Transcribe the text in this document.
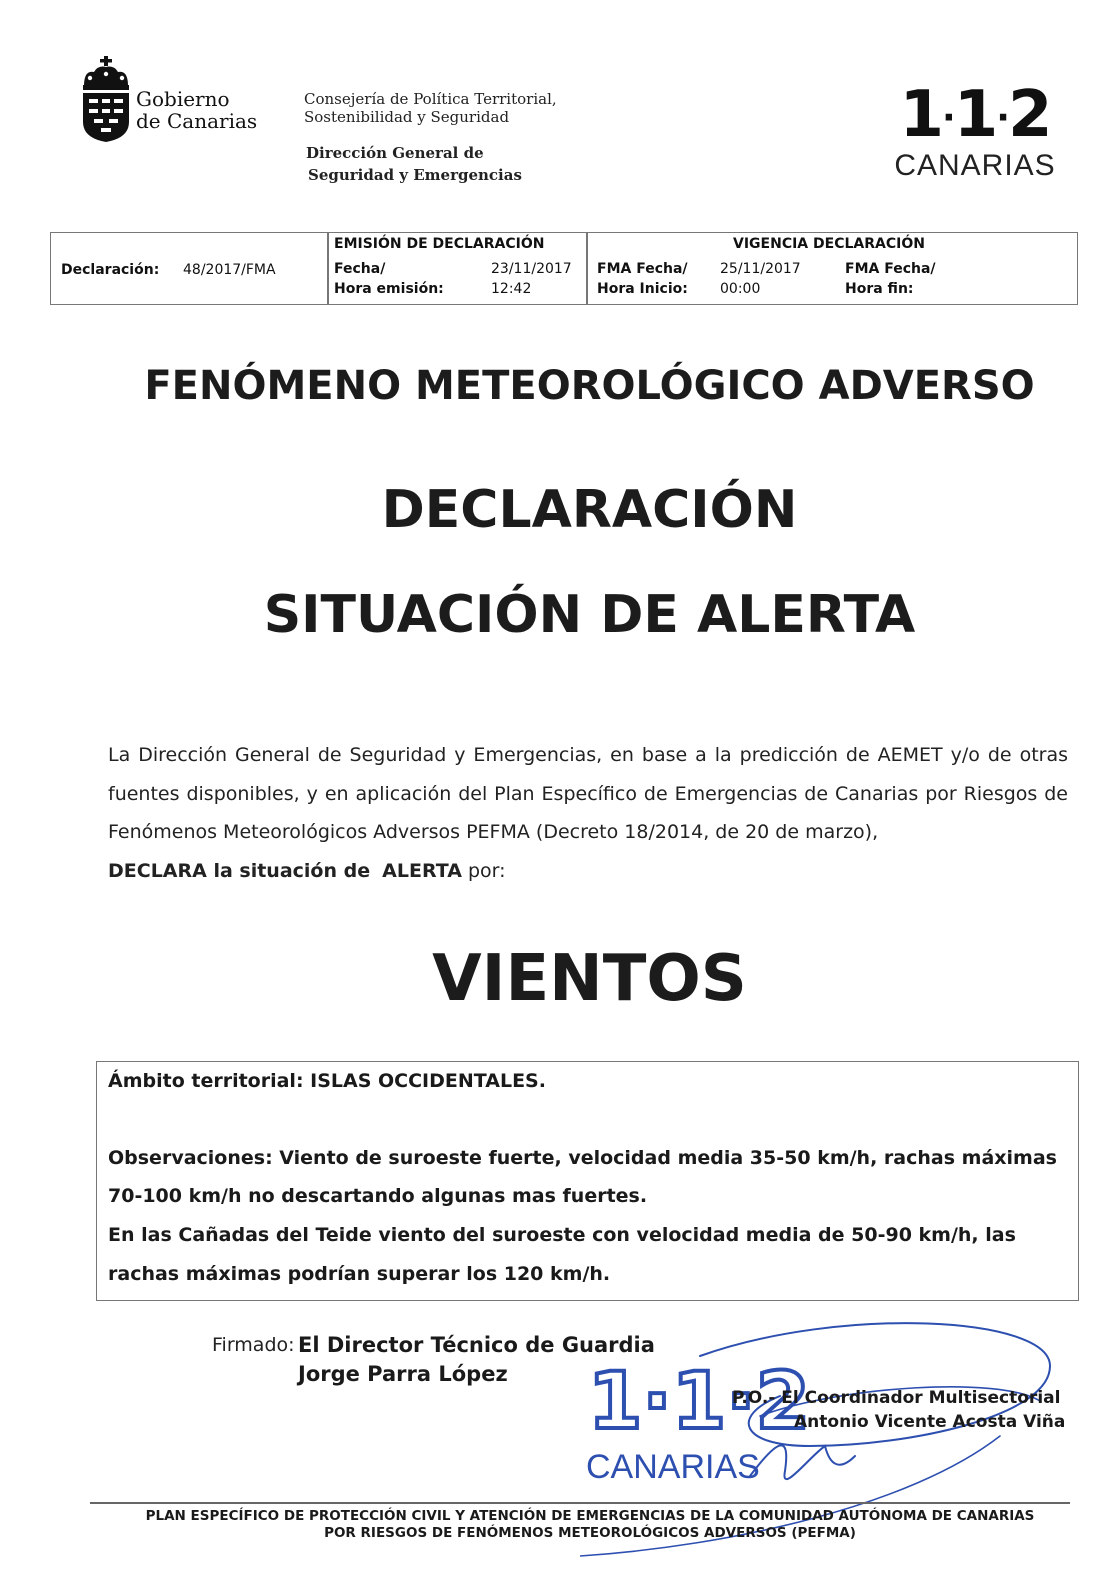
Gobierno
de Canarias
Consejería de Política Territorial,
Sostenibilidad y Seguridad
Dirección General de
Seguridad y Emergencias
1·1·2
CANARIAS
Declaración: 48/2017/FMA
EMISIÓN DE DECLARACIÓN
Fecha/
Hora emisión:
23/11/2017
12:42
VIGENCIA DECLARACIÓN
FMA Fecha/
Hora Inicio:
25/11/2017
00:00
FMA Fecha/
Hora fin:
FENÓMENO METEOROLÓGICO ADVERSO
DECLARACIÓN
SITUACIÓN DE ALERTA
La Dirección General de Seguridad y Emergencias, en base a la predicción de AEMET y/o de otras fuentes disponibles, y en aplicación del Plan Específico de Emergencias de Canarias por Riesgos de Fenómenos Meteorológicos Adversos PEFMA (Decreto 18/2014, de 20 de marzo),
DECLARA la situación de ALERTA por:
VIENTOS
Ámbito territorial: ISLAS OCCIDENTALES.
Observaciones: Viento de suroeste fuerte, velocidad media 35-50 km/h, rachas máximas
70-100 km/h no descartando algunas mas fuertes.
En las Cañadas del Teide viento del suroeste con velocidad media de 50-90 km/h, las
rachas máximas podrían superar los 120 km/h.
Firmado: El Director Técnico de Guardia
Jorge Parra López	1·1·2
CANARIAS
P.O.- El Coordinador Multisectorial
Antonio Vicente Acosta Viña
PLAN ESPECÍFICO DE PROTECCIÓN CIVIL Y ATENCIÓN DE EMERGENCIAS DE LA COMUNIDAD AUTÓNOMA DE CANARIAS
POR RIESGOS DE FENÓMENOS METEOROLÓGICOS ADVERSOS (PEFMA)
